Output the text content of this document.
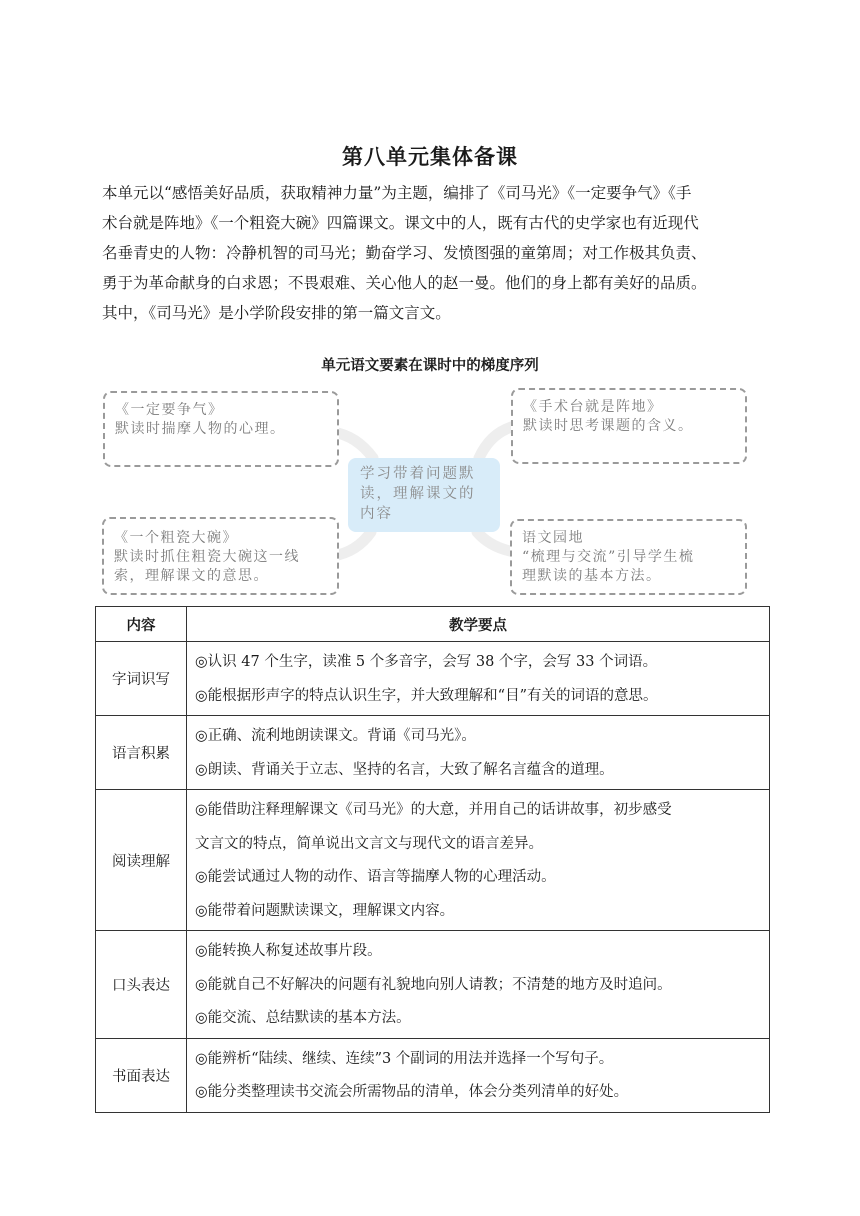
第八单元集体备课

本单元以“感悟美好品质，获取精神力量”为主题，编排了《司马光》《一定要争气》《手
术台就是阵地》《一个粗瓷大碗》四篇课文。课文中的人，既有古代的史学家也有近现代
名垂青史的人物：冷静机智的司马光；勤奋学习、发愤图强的童第周；对工作极其负责、
勇于为革命献身的白求恩；不畏艰难、关心他人的赵一曼。他们的身上都有美好的品质。
其中，《司马光》是小学阶段安排的第一篇文言文。

单元语文要素在课时中的梯度序列
《一定要争气》
默读时揣摩人物的心理。
《手术台就是阵地》
默读时思考课题的含义。
《一个粗瓷大碗》
默读时抓住粗瓷大碗这一线
索，理解课文的意思。
语文园地
“梳理与交流”引导学生梳
理默读的基本方法。
学习带着问题默
读，理解课文的
内容
内容	教学要点
字词识写	◎认识 47 个生字，读准 5 个多音字，会写 38 个字，会写 33 个词语。
◎能根据形声字的特点认识生字，并大致理解和“目”有关的词语的意思。

语言积累	◎正确、流利地朗读课文。背诵《司马光》。
◎朗读、背诵关于立志、坚持的名言，大致了解名言蕴含的道理。

阅读理解	◎能借助注释理解课文《司马光》的大意，并用自己的话讲故事，初步感受
文言文的特点，简单说出文言文与现代文的语言差异。
◎能尝试通过人物的动作、语言等揣摩人物的心理活动。
◎能带着问题默读课文，理解课文内容。

口头表达	◎能转换人称复述故事片段。
◎能就自己不好解决的问题有礼貌地向别人请教；不清楚的地方及时追问。
◎能交流、总结默读的基本方法。

书面表达	◎能辨析“陆续、继续、连续”3 个副词的用法并选择一个写句子。
◎能分类整理读书交流会所需物品的清单，体会分类列清单的好处。
